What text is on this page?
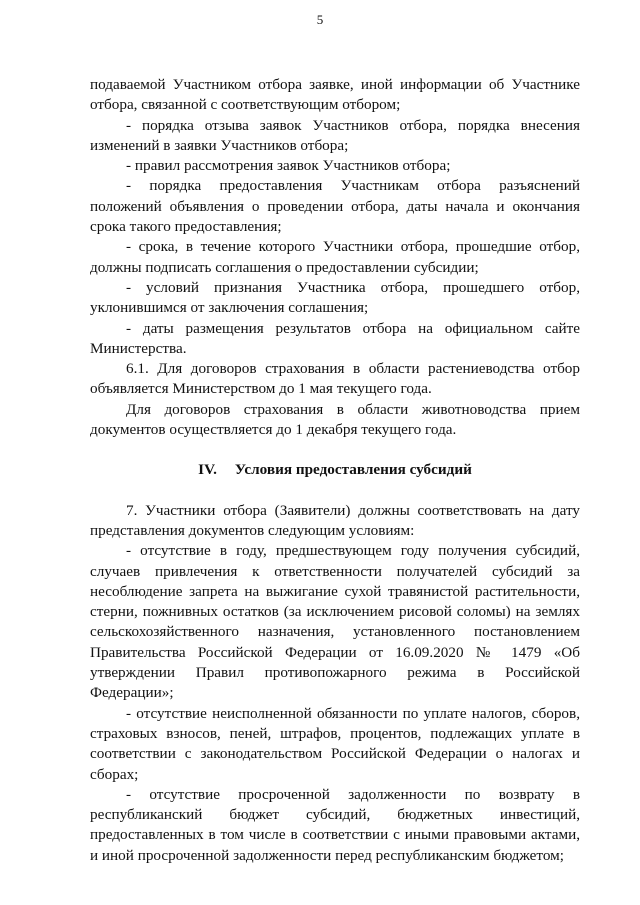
5

подаваемой Участником отбора заявке, иной информации об Участнике отбора, связанной с соответствующим отбором;

- порядка отзыва заявок Участников отбора, порядка внесения изменений в заявки Участников отбора;

- правил рассмотрения заявок Участников отбора;

- порядка предоставления Участникам отбора разъяснений положений объявления о проведении отбора, даты начала и окончания срока такого предоставления;

- срока, в течение которого Участники отбора, прошедшие отбор, должны подписать соглашения о предоставлении субсидии;

- условий признания Участника отбора, прошедшего отбор, уклонившимся от заключения соглашения;

- даты размещения результатов отбора на официальном сайте Министерства.

6.1. Для договоров страхования в области растениеводства отбор объявляется Министерством до 1 мая текущего года.

Для договоров страхования в области животноводства прием документов осуществляется до 1 декабря текущего года.

IV. Условия предоставления субсидий

7. Участники отбора (Заявители) должны соответствовать на дату представления документов следующим условиям:

- отсутствие в году, предшествующем году получения субсидий, случаев привлечения к ответственности получателей субсидий за несоблюдение запрета на выжигание сухой травянистой растительности, стерни, пожнивных остатков (за исключением рисовой соломы) на землях сельскохозяйственного назначения, установленного постановлением Правительства Российской Федерации от 16.09.2020 № 1479 «Об утверждении Правил противопожарного режима в Российской Федерации»;

- отсутствие неисполненной обязанности по уплате налогов, сборов, страховых взносов, пеней, штрафов, процентов, подлежащих уплате в соответствии с законодательством Российской Федерации о налогах и сборах;

- отсутствие просроченной задолженности по возврату в республиканский бюджет субсидий, бюджетных инвестиций, предоставленных в том числе в соответствии с иными правовыми актами, и иной просроченной задолженности перед республиканским бюджетом;
